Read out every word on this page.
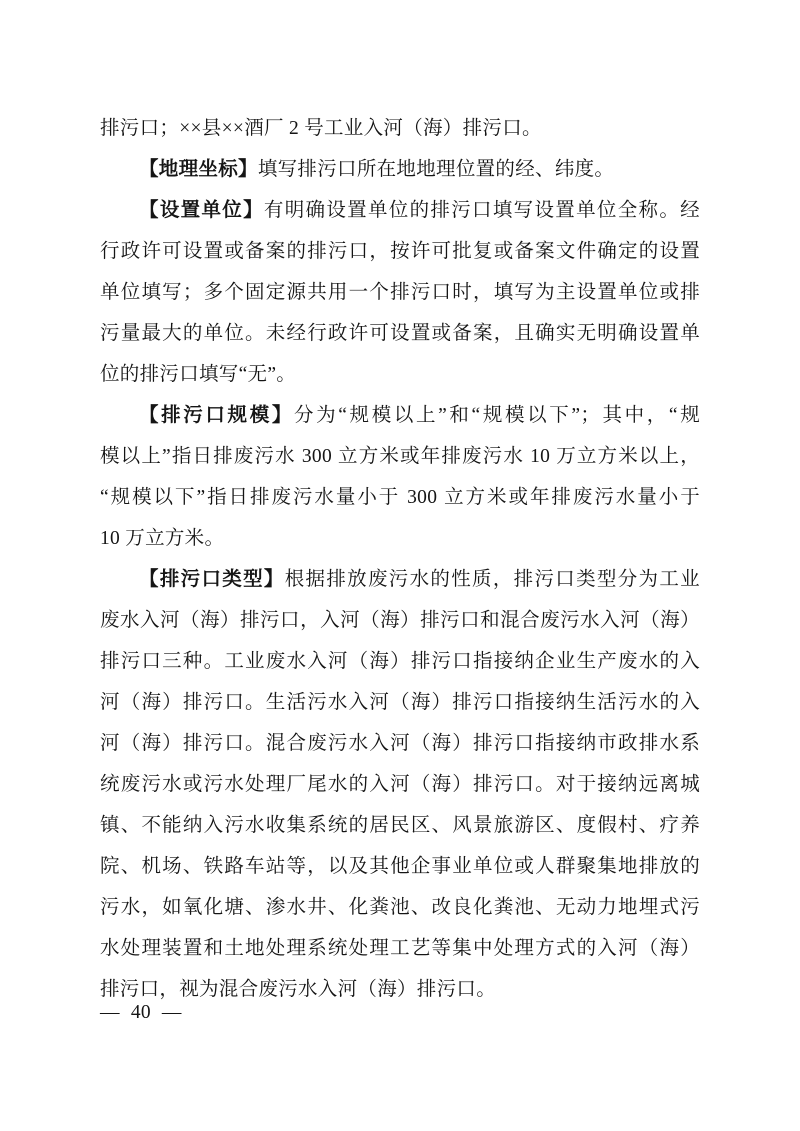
排污口；××县××酒厂 2 号工业入河（海）排污口。
【地理坐标】填写排污口所在地地理位置的经、纬度。
【设置单位】有明确设置单位的排污口填写设置单位全称。经
行政许可设置或备案的排污口，按许可批复或备案文件确定的设置
单位填写；多个固定源共用一个排污口时，填写为主设置单位或排
污量最大的单位。未经行政许可设置或备案，且确实无明确设置单
位的排污口填写“无”。
【排污口规模】分为“规模以上”和“规模以下”；其中，“规
模以上”指日排废污水 300 立方米或年排废污水 10 万立方米以上，
“规模以下”指日排废污水量小于 300 立方米或年排废污水量小于
10 万立方米。
【排污口类型】根据排放废污水的性质，排污口类型分为工业
废水入河（海）排污口，入河（海）排污口和混合废污水入河（海）
排污口三种。工业废水入河（海）排污口指接纳企业生产废水的入
河（海）排污口。生活污水入河（海）排污口指接纳生活污水的入
河（海）排污口。混合废污水入河（海）排污口指接纳市政排水系
统废污水或污水处理厂尾水的入河（海）排污口。对于接纳远离城
镇、不能纳入污水收集系统的居民区、风景旅游区、度假村、疗养
院、机场、铁路车站等，以及其他企事业单位或人群聚集地排放的
污水，如氧化塘、渗水井、化粪池、改良化粪池、无动力地埋式污
水处理装置和土地处理系统处理工艺等集中处理方式的入河（海）
排污口，视为混合废污水入河（海）排污口。
— 40 —
